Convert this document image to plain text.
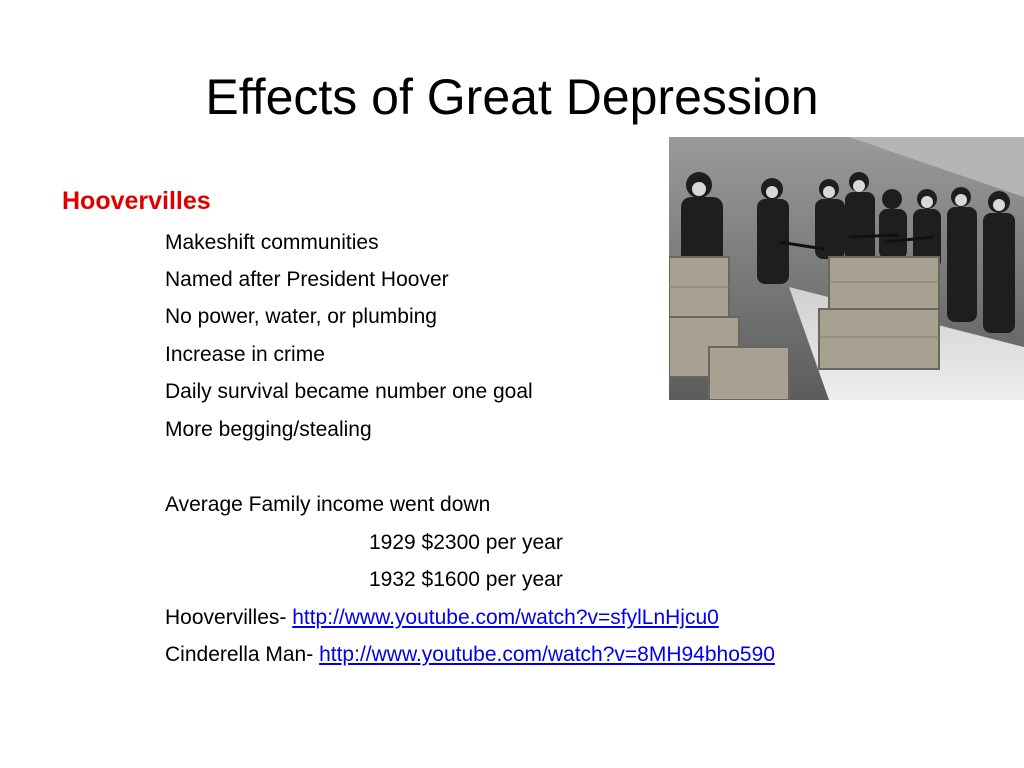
Effects of Great Depression
Hoovervilles
Makeshift communities
Named after President Hoover
No power, water, or plumbing
Increase in crime
Daily survival became number one goal
More begging/stealing
Average Family income went down
1929 $2300 per year
1932 $1600 per year
Hoovervilles- http://www.youtube.com/watch?v=sfylLnHjcu0
Cinderella Man- http://www.youtube.com/watch?v=8MH94bho590
